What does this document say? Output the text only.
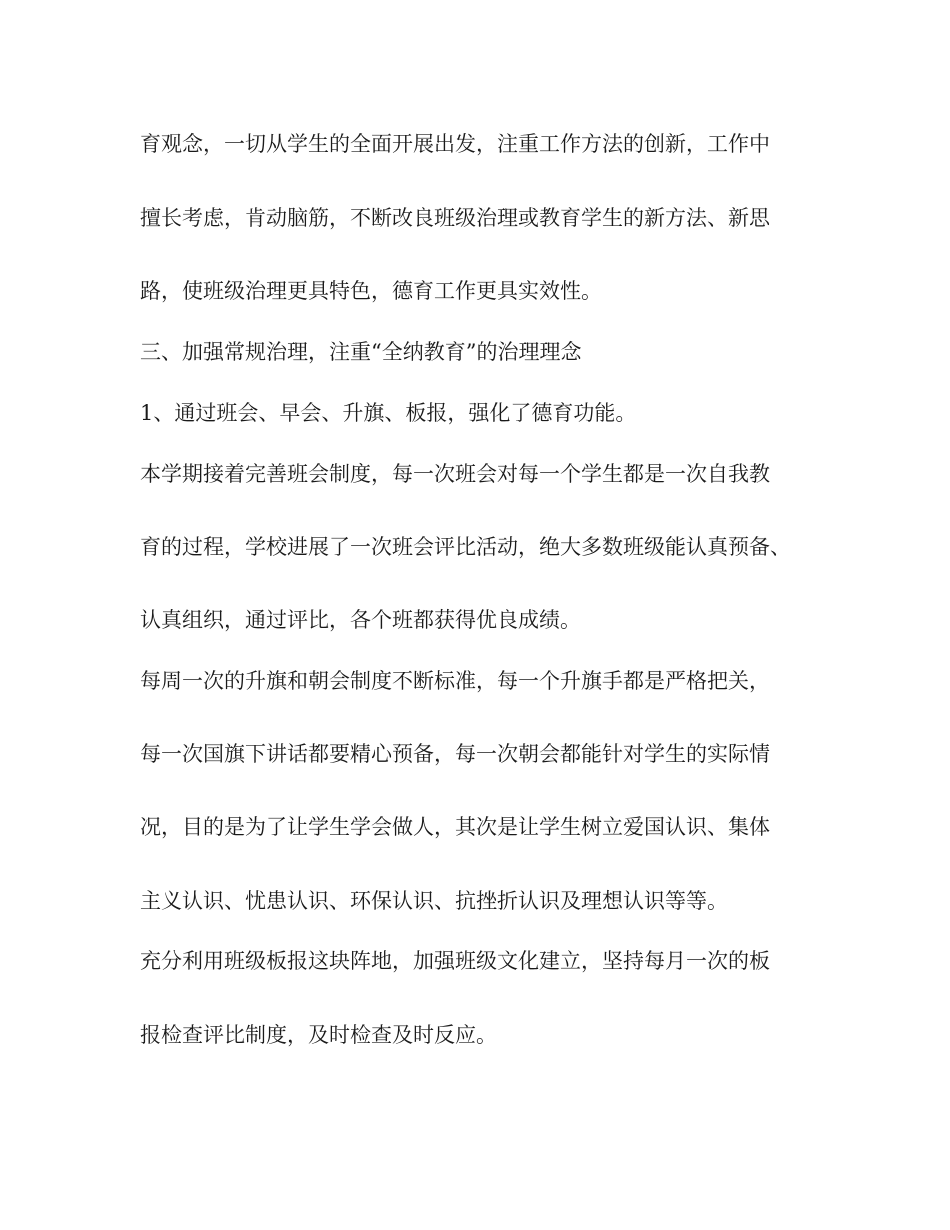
育观念，一切从学生的全面开展出发，注重工作方法的创新，工作中
擅长考虑，肯动脑筋，不断改良班级治理或教育学生的新方法、新思
路，使班级治理更具特色，德育工作更具实效性。
三、加强常规治理，注重“全纳教育”的治理理念
1、通过班会、早会、升旗、板报，强化了德育功能。
本学期接着完善班会制度，每一次班会对每一个学生都是一次自我教
育的过程，学校进展了一次班会评比活动，绝大多数班级能认真预备、
认真组织，通过评比，各个班都获得优良成绩。
每周一次的升旗和朝会制度不断标准，每一个升旗手都是严格把关，
每一次国旗下讲话都要精心预备，每一次朝会都能针对学生的实际情
况，目的是为了让学生学会做人，其次是让学生树立爱国认识、集体
主义认识、忧患认识、环保认识、抗挫折认识及理想认识等等。
充分利用班级板报这块阵地，加强班级文化建立，坚持每月一次的板
报检查评比制度，及时检查及时反应。
